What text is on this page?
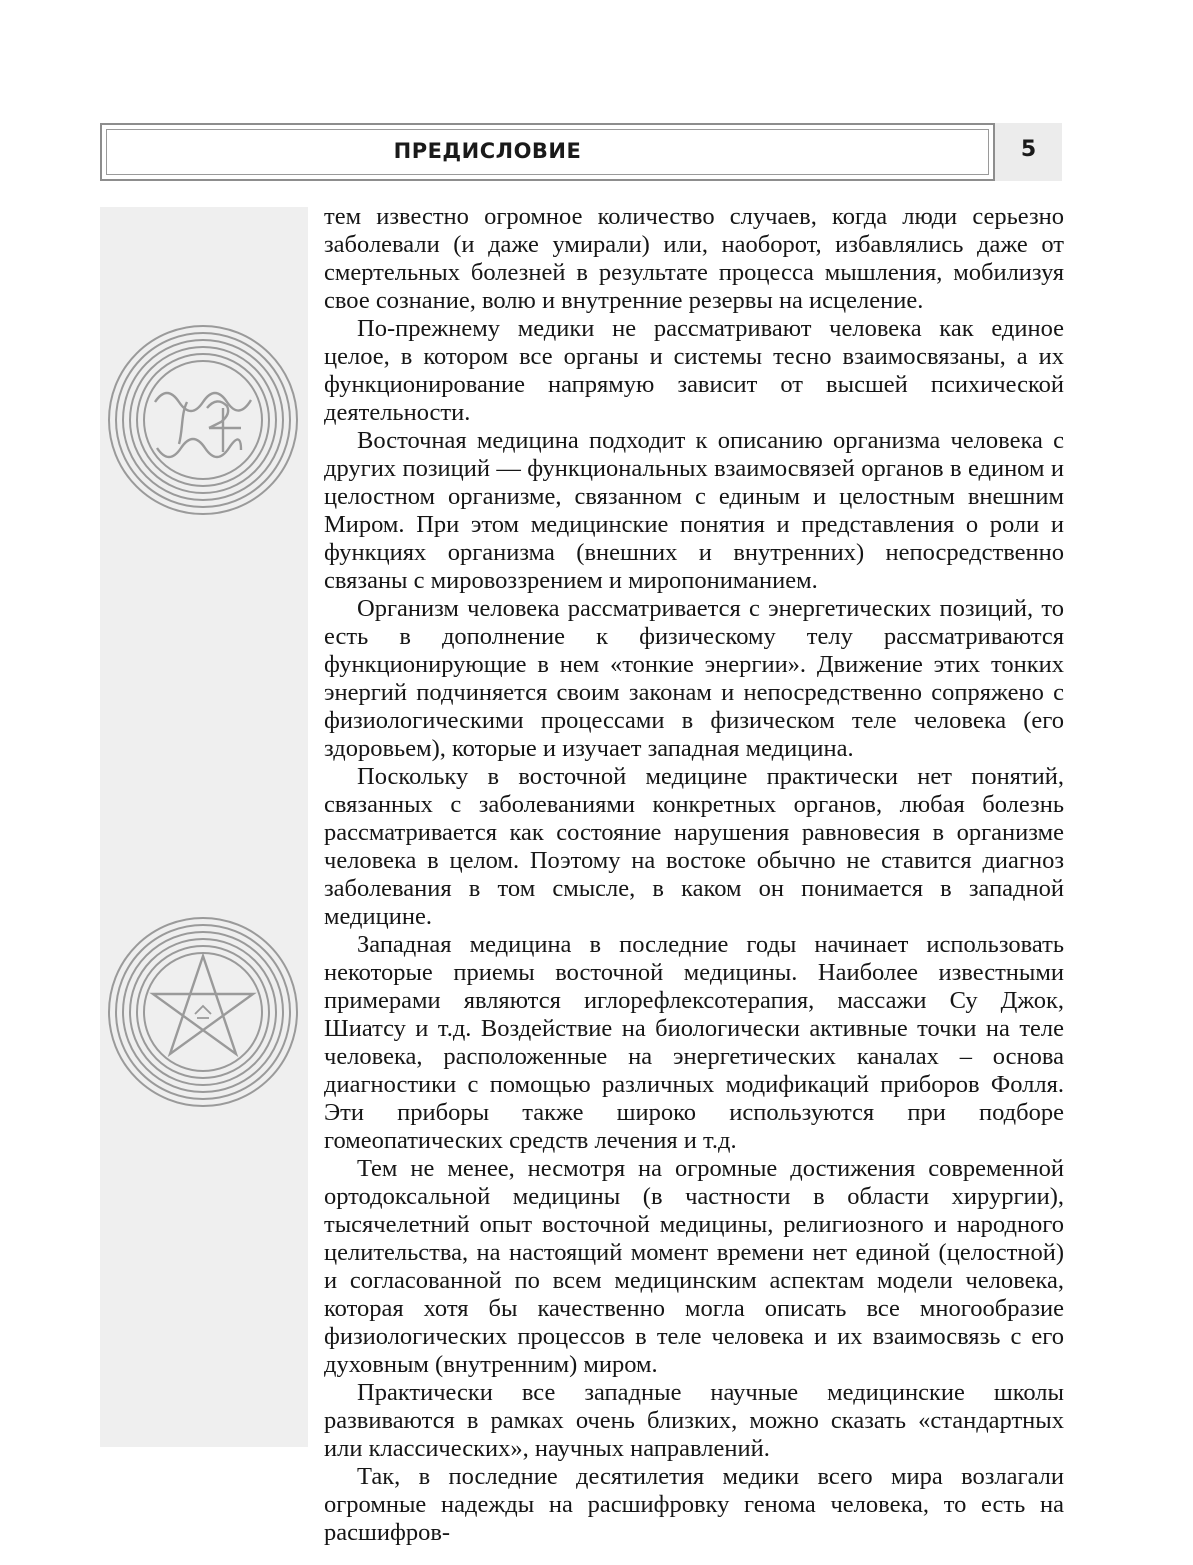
ПРЕДИСЛОВИЕ	5

тем известно огромное количество случаев, когда люди серьезно заболевали (и даже умирали) или, наоборот, избавлялись даже от смертельных болезней в результате процесса мышления, мобилизуя свое сознание, волю и внутренние резервы на исцеление.

По-прежнему медики не рассматривают человека как единое целое, в котором все органы и системы тесно взаимосвязаны, а их функционирование напрямую зависит от высшей психической деятельности.

Восточная медицина подходит к описанию организма человека с других позиций — функциональных взаимосвязей органов в едином и целостном организме, связанном с единым и целостным внешним Миром. При этом медицинские понятия и представления о роли и функциях организма (внешних и внутренних) непосредственно связаны с мировоззрением и миропониманием.

Организм человека рассматривается с энергетических позиций, то есть в дополнение к физическому телу рассматриваются функционирующие в нем «тонкие энергии». Движение этих тонких энергий подчиняется своим законам и непосредственно сопряжено с физиологическими процессами в физическом теле человека (его здоровьем), которые и изучает западная медицина.

Поскольку в восточной медицине практически нет понятий, связанных с заболеваниями конкретных органов, любая болезнь рассматривается как состояние нарушения равновесия в организме человека в целом. Поэтому на востоке обычно не ставится диагноз заболевания в том смысле, в каком он понимается в западной медицине.

Западная медицина в последние годы начинает использовать некоторые приемы восточной медицины. Наиболее известными примерами являются иглорефлексотерапия, массажи Су Джок, Шиатсу и т.д. Воздействие на биологически активные точки на теле человека, расположенные на энергетических каналах – основа диагностики с помощью различных модификаций приборов Фолля. Эти приборы также широко используются при подборе гомеопатических средств лечения и т.д.

Тем не менее, несмотря на огромные достижения современной ортодоксальной медицины (в частности в области хирургии), тысячелетний опыт восточной медицины, религиозного и народного целительства, на настоящий момент времени нет единой (целостной) и согласованной по всем медицинским аспектам модели человека, которая хотя бы качественно могла описать все многообразие физиологических процессов в теле человека и их взаимосвязь с его духовным (внутренним) миром.

Практически все западные научные медицинские школы развиваются в рамках очень близких, можно сказать «стандартных или классических», научных направлений.

Так, в последние десятилетия медики всего мира возлагали огромные надежды на расшифровку генома человека, то есть на расшифров-
